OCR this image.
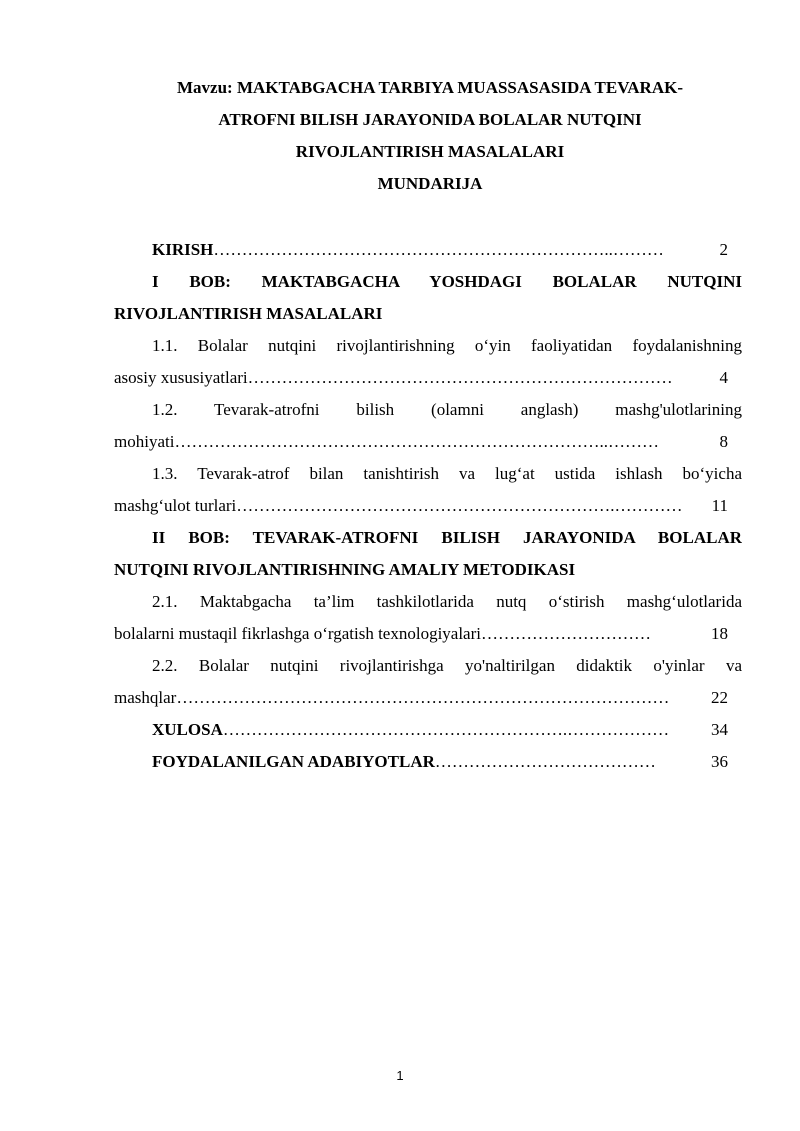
Mavzu: MAKTABGACHA TARBIYA MUASSASASIDA TEVARAK-
ATROFNI BILISH JARAYONIDA BOLALAR NUTQINI
RIVOJLANTIRISH MASALALARI
MUNDARIJA
KIRISH ……………………………………………………………..………	2
I BOB: MAKTABGACHA YOSHDAGI BOLALAR NUTQINI
RIVOJLANTIRISH MASALALARI
1.1. Bolalar nutqini rivojlantirishning o‘yin faoliyatidan foydalanishning
asosiy xususiyatlari …………………………………………………………………	4
1.2. Tevarak-atrofni bilish (olamni anglash) mashg'ulotlarining
mohiyati …………………………………………………………………..………	8
1.3. Tevarak-atrof bilan tanishtirish va lug‘at ustida ishlash bo‘yicha
mashg‘ulot turlari ………………………………………………………….…………	11
II BOB: TEVARAK-ATROFNI BILISH JARAYONIDA BOLALAR
NUTQINI RIVOJLANTIRISHNING AMALIY METODIKASI
2.1. Maktabgacha ta’lim tashkilotlarida nutq o‘stirish mashg‘ulotlarida
bolalarni mustaqil fikrlashga o‘rgatish texnologiyalari …………………………	18
2.2. Bolalar nutqini rivojlantirishga yo'naltirilgan didaktik o'yinlar va
mashqlar ……………………………………………………………………………	22
XULOSA …………………………………………………….………………	34
FOYDALANILGAN ADABIYOTLAR …………………………………	36
1
